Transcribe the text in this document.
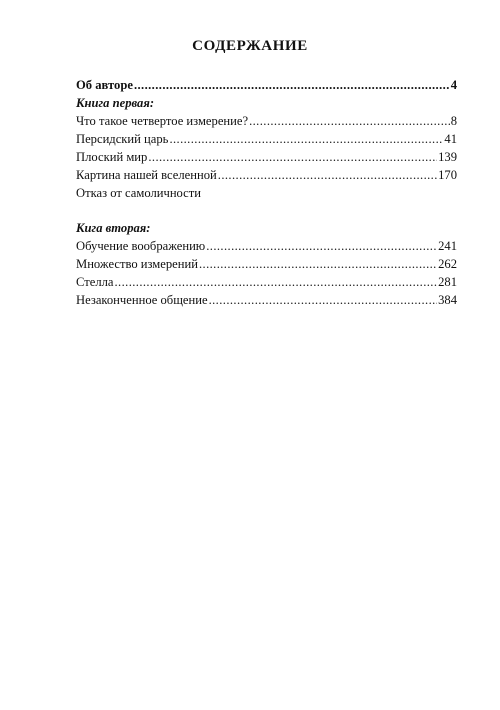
СОДЕРЖАНИЕ
Об авторе .....	4
Книга первая:
Что такое четвертое измерение? .....	8
Персидский царь .....	41
Плоский мир .....	139
Картина нашей вселенной .....	170
Отказ от самоличности
Кига вторая:
Обучение воображению .....	241
Множество измерений .....	262
Стелла .....	281
Незаконченное общение .....	384
